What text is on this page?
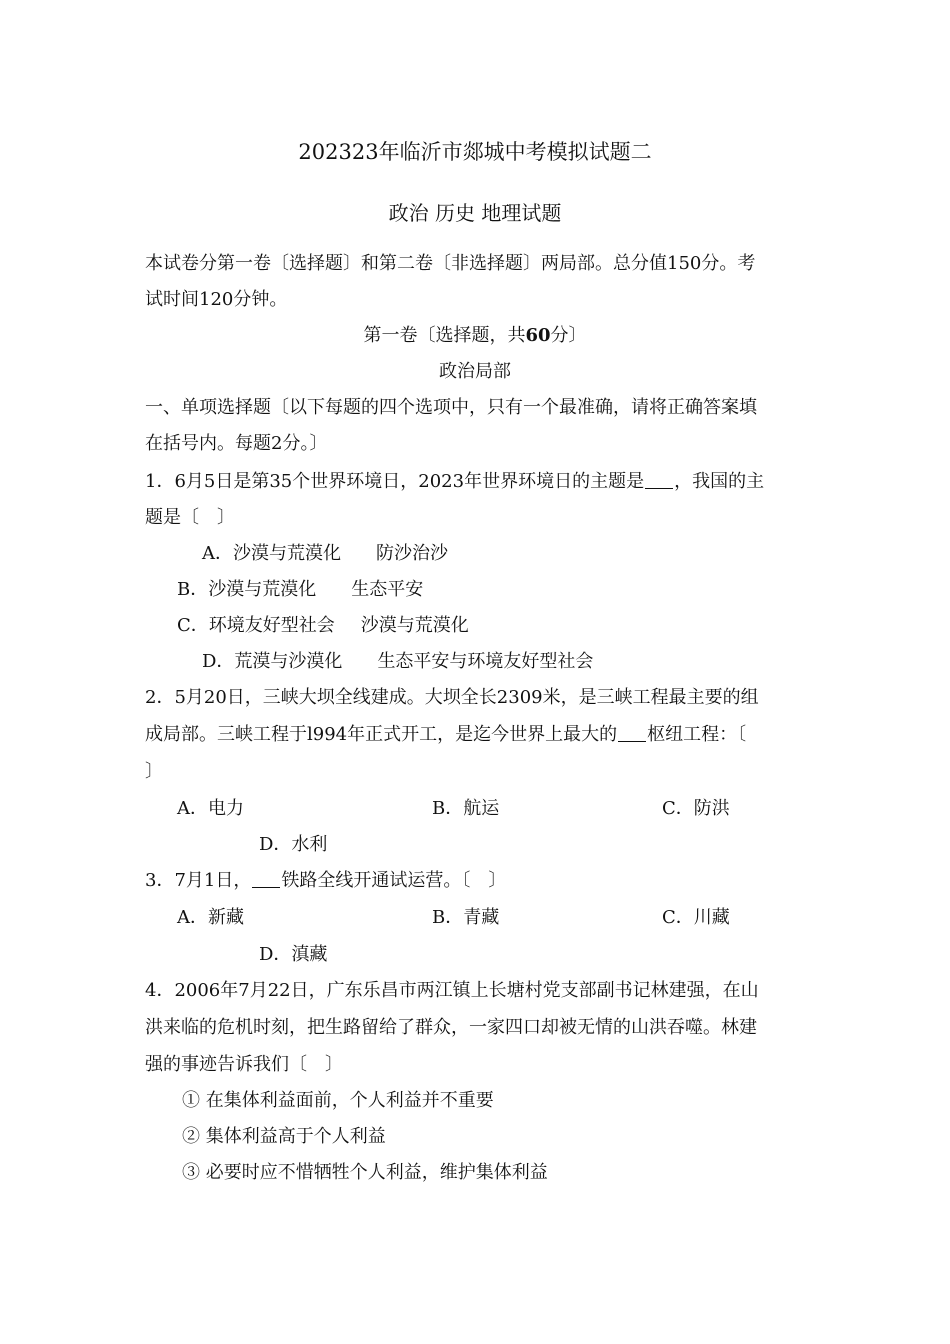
202323年临沂市郯城中考模拟试题二
政治 历史 地理试题
本试卷分第一卷〔选择题〕和第二卷〔非选择题〕两局部。总分值150分。考
试时间120分钟。
第一卷〔选择题，共60分〕
政治局部
一、单项选择题〔以下每题的四个选项中，只有一个最准确，请将正确答案填
在括号内。每题2分。〕
1．6月5日是第35个世界环境日，2023年世界环境日的主题是 ，我国的主
题是〔　〕
A．沙漠与荒漠化 防沙治沙
B．沙漠与荒漠化 生态平安
C．环境友好型社会 沙漠与荒漠化
D．荒漠与沙漠化 生态平安与环境友好型社会
2．5月20日，三峡大坝全线建成。大坝全长2309米，是三峡工程最主要的组
成局部。三峡工程于l994年正式开工，是迄今世界上最大的 枢纽工程：〔
〕
A．电力	B．航运	C．防洪
D．水利
3．7月1日， 铁路全线开通试运营。〔　〕
A．新藏	B．青藏	C．川藏
D．滇藏
4．2006年7月22日，广东乐昌市两江镇上长塘村党支部副书记林建强，在山
洪来临的危机时刻，把生路留给了群众，一家四口却被无情的山洪吞噬。林建
强的事迹告诉我们〔　〕
① 在集体利益面前，个人利益并不重要
② 集体利益高于个人利益
③ 必要时应不惜牺牲个人利益，维护集体利益
